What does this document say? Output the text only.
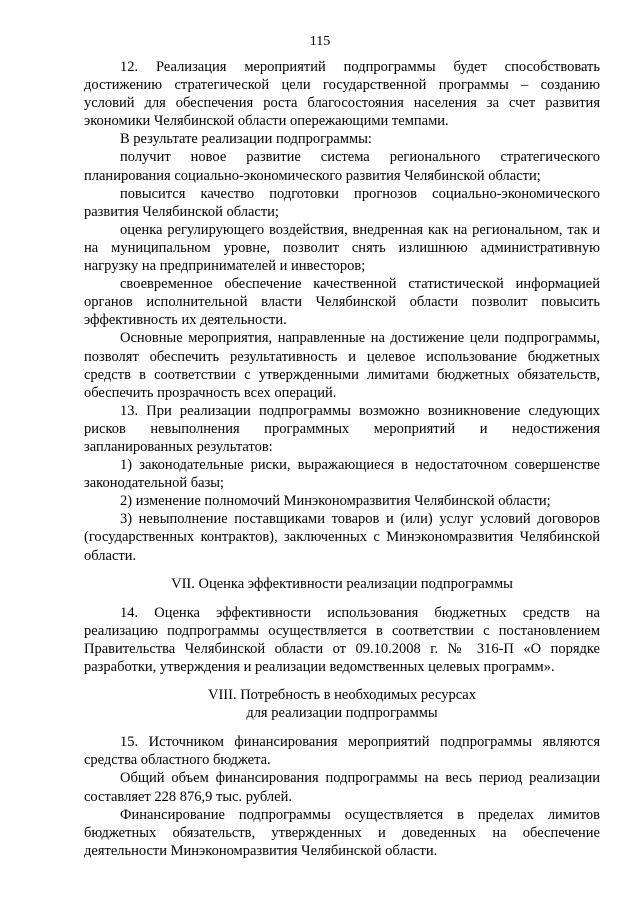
115

12. Реализация мероприятий подпрограммы будет способствовать достижению стратегической цели государственной программы – созданию условий для обеспечения роста благосостояния населения за счет развития экономики Челябинской области опережающими темпами.

В результате реализации подпрограммы:

получит новое развитие система регионального стратегического планирования социально-экономического развития Челябинской области;

повысится качество подготовки прогнозов социально-экономического развития Челябинской области;

оценка регулирующего воздействия, внедренная как на региональном, так и на муниципальном уровне, позволит снять излишнюю административную нагрузку на предпринимателей и инвесторов;

своевременное обеспечение качественной статистической информацией органов исполнительной власти Челябинской области позволит повысить эффективность их деятельности.

Основные мероприятия, направленные на достижение цели подпрограммы, позволят обеспечить результативность и целевое использование бюджетных средств в соответствии с утвержденными лимитами бюджетных обязательств, обеспечить прозрачность всех операций.

13. При реализации подпрограммы возможно возникновение следующих рисков невыполнения программных мероприятий и недостижения запланированных результатов:

1) законодательные риски, выражающиеся в недостаточном совершенстве законодательной базы;

2) изменение полномочий Минэкономразвития Челябинской области;

3) невыполнение поставщиками товаров и (или) услуг условий договоров (государственных контрактов), заключенных с Минэкономразвития Челябинской области.

VII. Оценка эффективности реализации подпрограммы

14. Оценка эффективности использования бюджетных средств на реализацию подпрограммы осуществляется в соответствии с постановлением Правительства Челябинской области от 09.10.2008 г. № 316-П «О порядке разработки, утверждения и реализации ведомственных целевых программ».

VIII. Потребность в необходимых ресурсах
для реализации подпрограммы

15. Источником финансирования мероприятий подпрограммы являются средства областного бюджета.

Общий объем финансирования подпрограммы на весь период реализации составляет 228 876,9 тыс. рублей.

Финансирование подпрограммы осуществляется в пределах лимитов бюджетных обязательств, утвержденных и доведенных на обеспечение деятельности Минэкономразвития Челябинской области.
